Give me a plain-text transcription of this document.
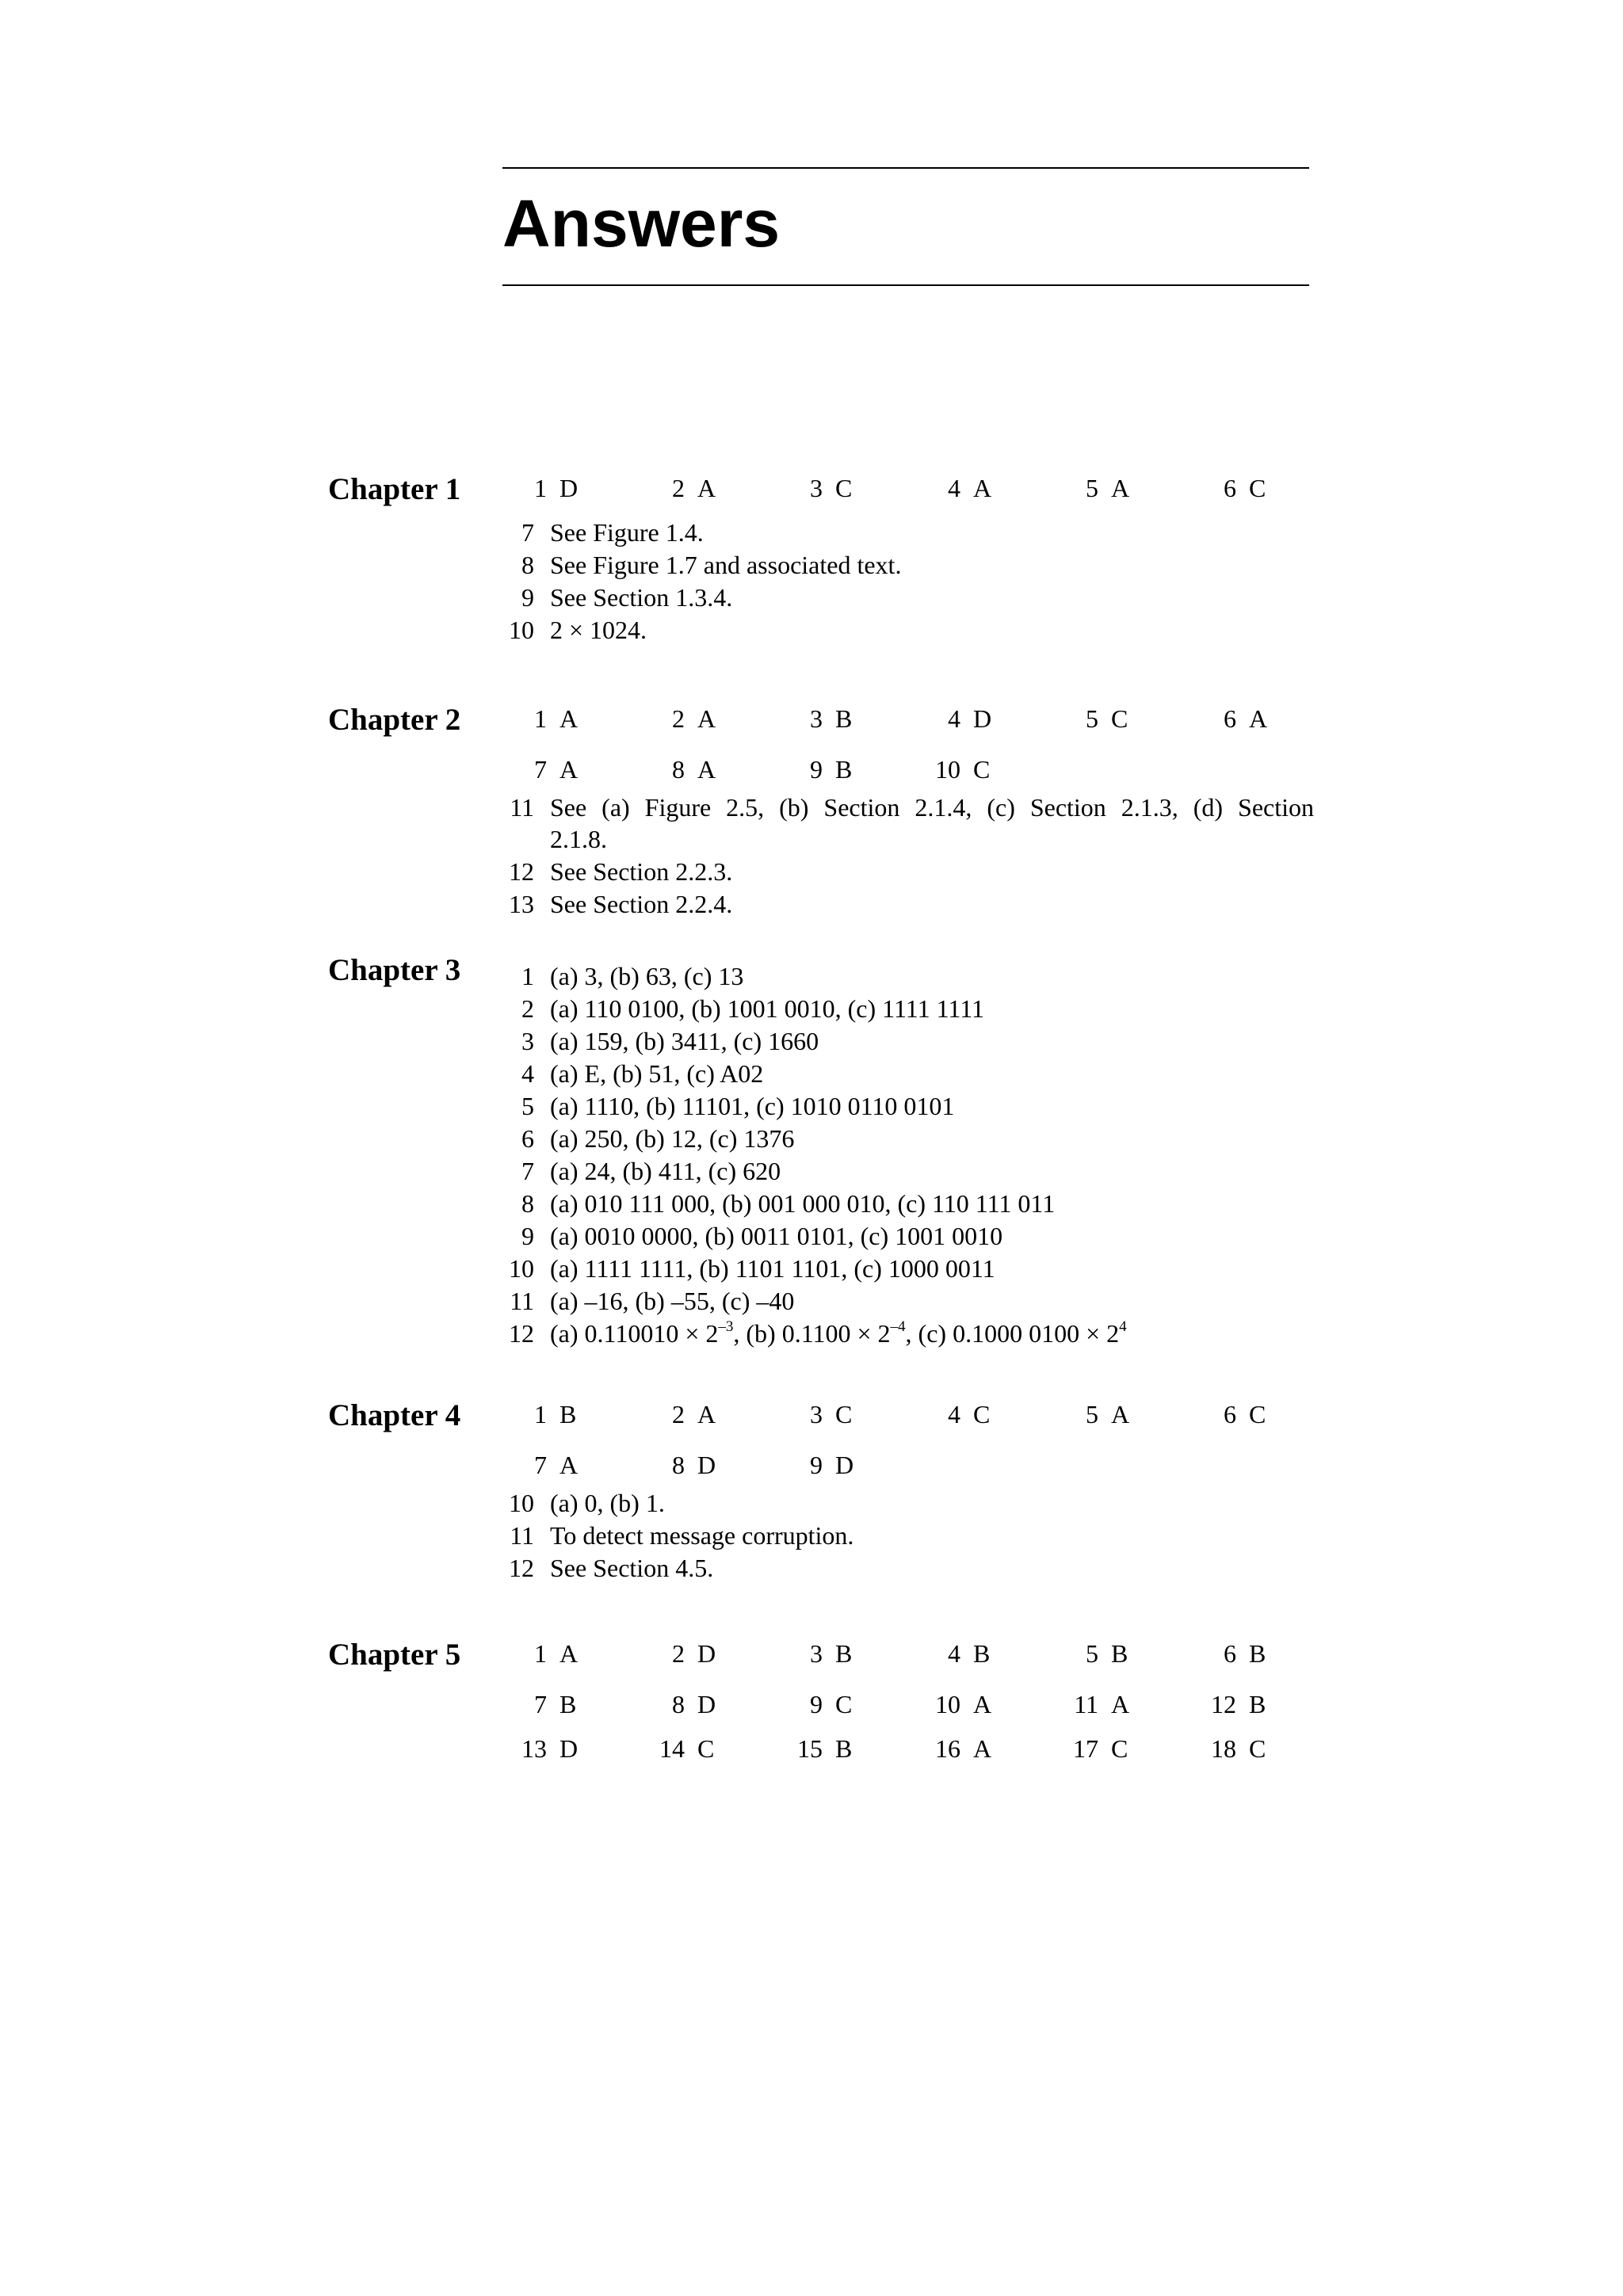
Answers
Chapter 1	1 D	2 A	3 C	4 A	5 A	6 C
7 See Figure 1.4.
8 See Figure 1.7 and associated text.
9 See Section 1.3.4.
10 2 × 1024.
Chapter 2	1 A	2 A	3 B	4 D	5 C	6 A
7 A	8 A	9 B	10 C
11 See (a) Figure 2.5, (b) Section 2.1.4, (c) Section 2.1.3, (d) Section
2.1.8.
12 See Section 2.2.3.
13 See Section 2.2.4.
Chapter 3	1 (a) 3, (b) 63, (c) 13
2 (a) 110 0100, (b) 1001 0010, (c) 1111 1111
3 (a) 159, (b) 3411, (c) 1660
4 (a) E, (b) 51, (c) A02
5 (a) 1110, (b) 11101, (c) 1010 0110 0101
6 (a) 250, (b) 12, (c) 1376
7 (a) 24, (b) 411, (c) 620
8 (a) 010 111 000, (b) 001 000 010, (c) 110 111 011
9 (a) 0010 0000, (b) 0011 0101, (c) 1001 0010
10 (a) 1111 1111, (b) 1101 1101, (c) 1000 0011
11 (a) –16, (b) –55, (c) –40
12 (a) $0.110010 \times 2^{-3}$, (b) $0.1100 \times 2^{-4}$, (c) 0.1000 $0100 \times 2^4$
Chapter 4	1 B	2 A	3 C	4 C	5 A	6 C
7 A	8 D	9 D
10 (a) 0, (b) 1.
11 To detect message corruption.
12 See Section 4.5.
Chapter 5	1 A	2 D	3 B	4 B	5 B	6 B
7 B	8 D	9 C	10 A	11 A	12 B
13 D	14 C	15 B	16 A	17 C	18 C
